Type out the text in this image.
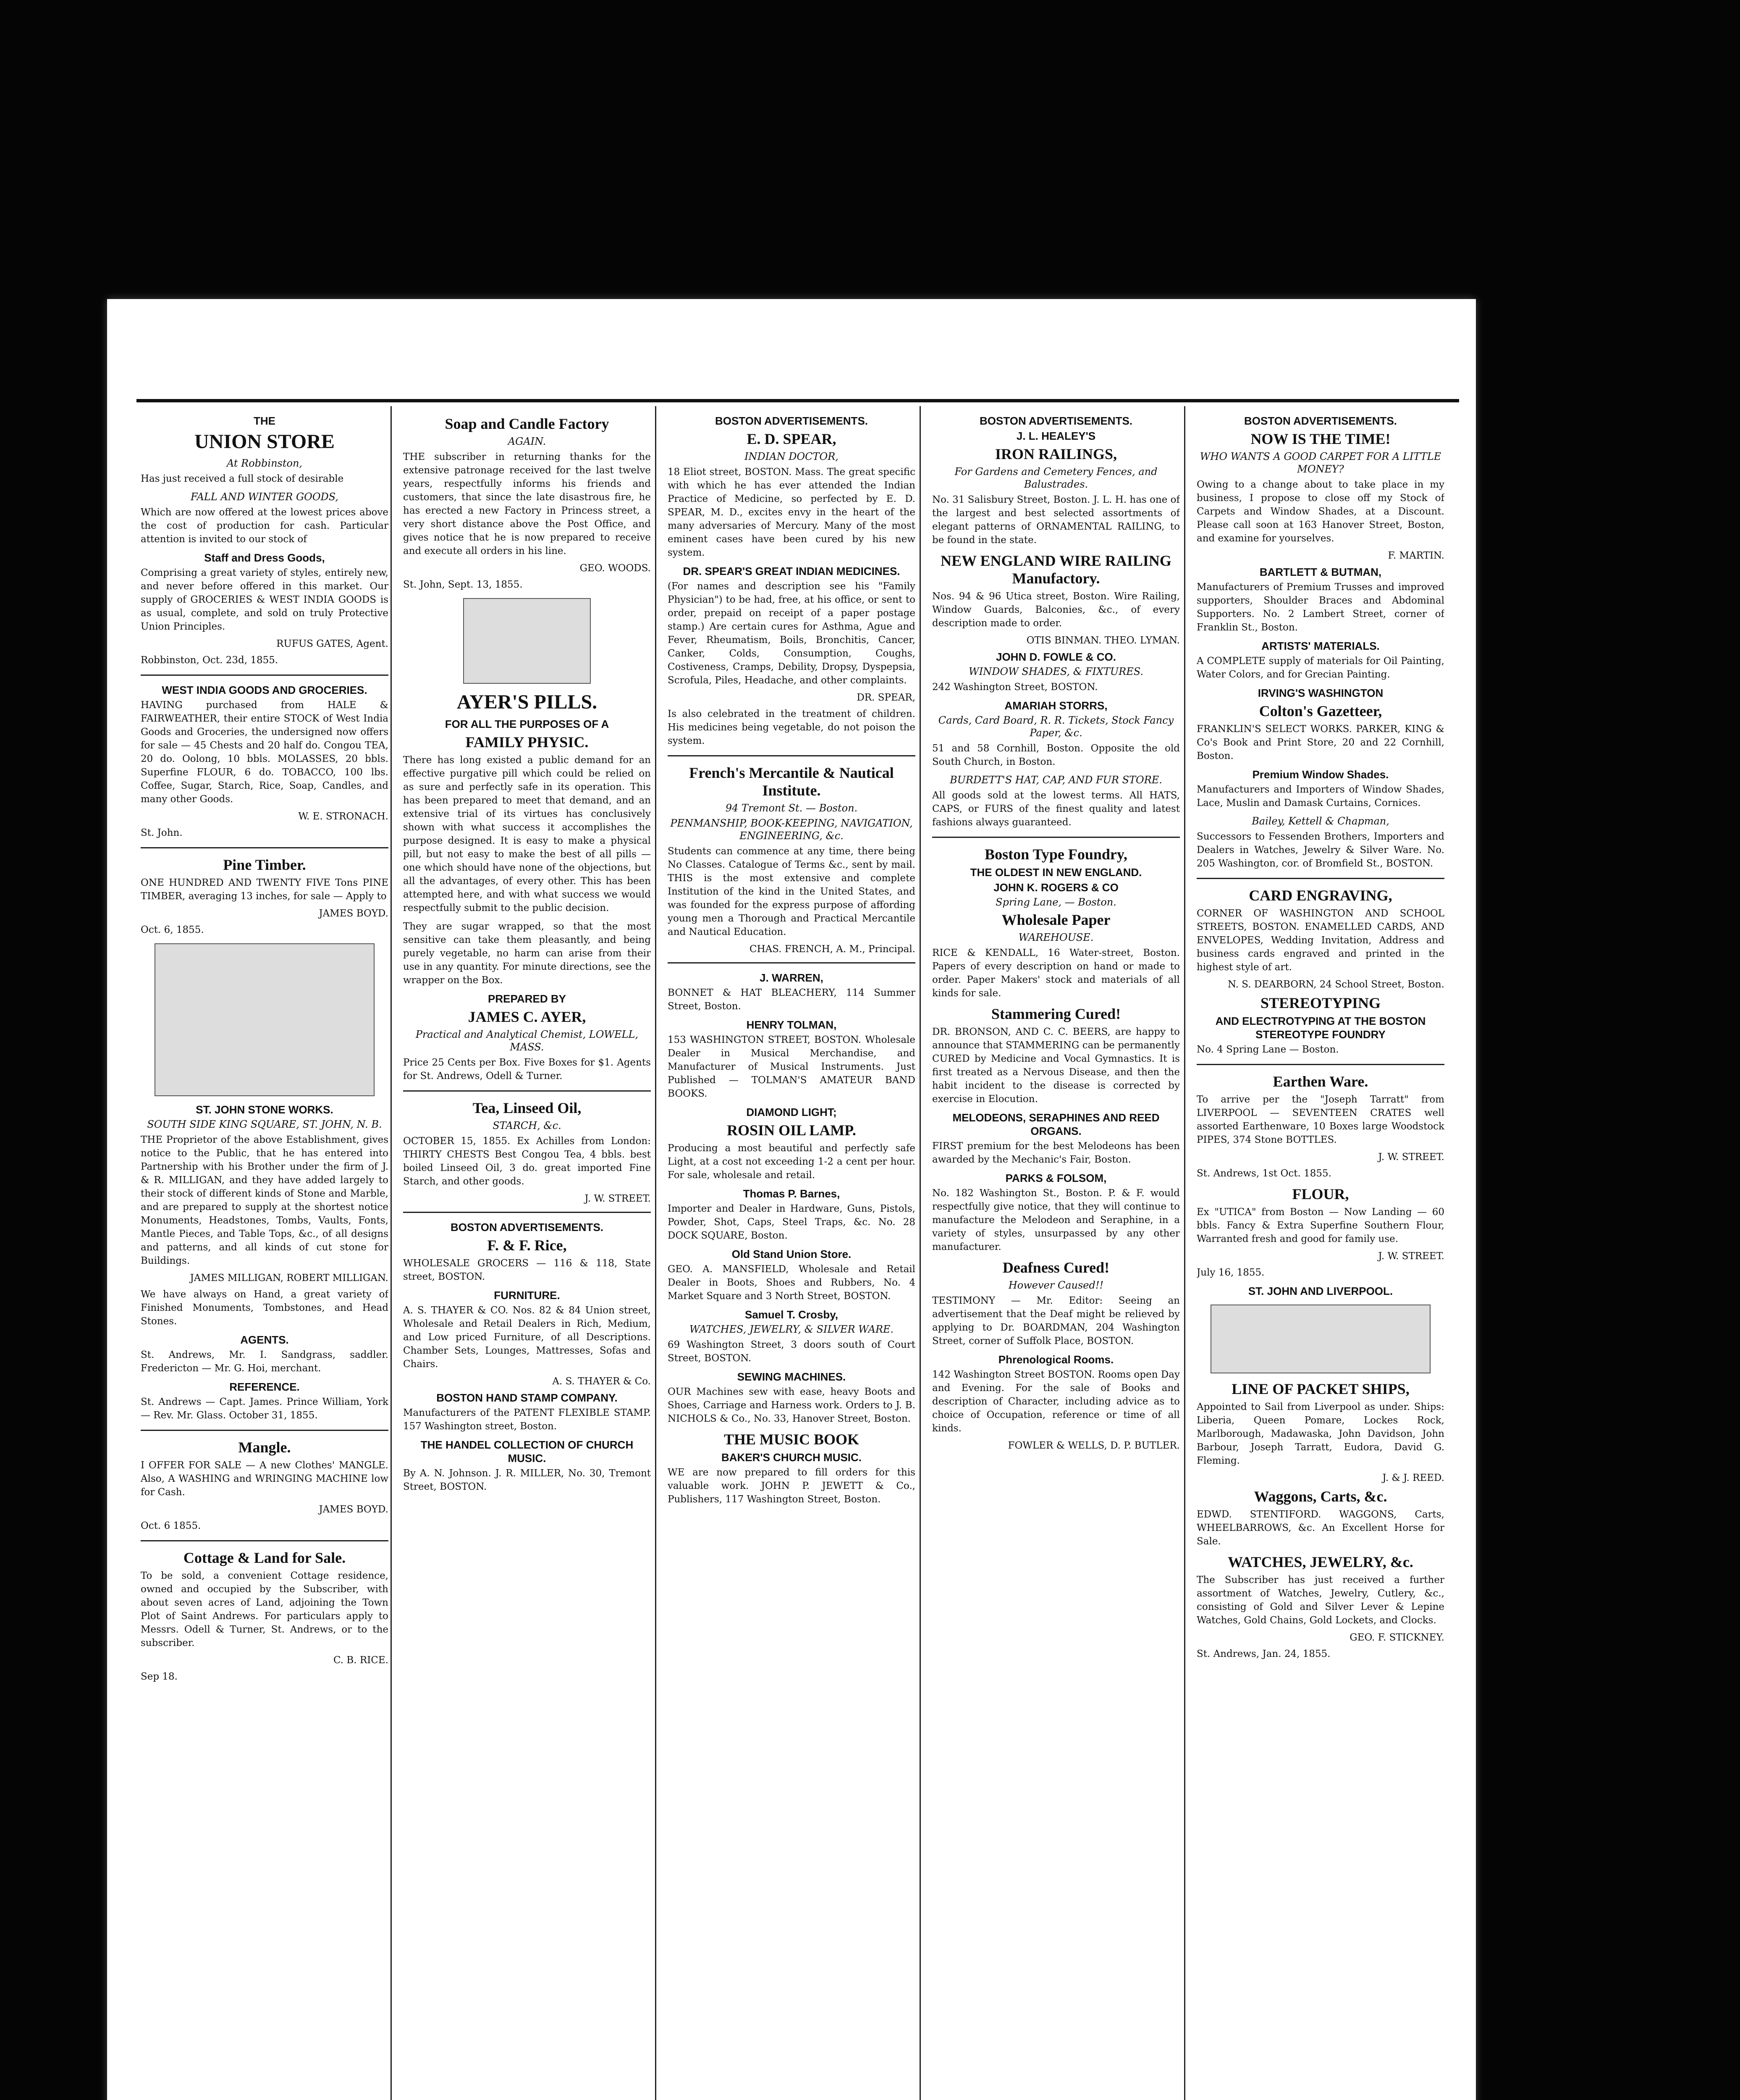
THE
UNION STORE
At Robbinston,

Has just received a full stock of desirable

FALL AND WINTER GOODS,

Which are now offered at the lowest prices above the cost of production for cash. Particular attention is invited to our stock of

Staff and Dress Goods,

Comprising a great variety of styles, entirely new, and never before offered in this market. Our supply of GROCERIES & WEST INDIA GOODS is as usual, complete, and sold on truly Protective Union Principles.

RUFUS GATES, Agent.

Robbinston, Oct. 23d, 1855.

WEST INDIA GOODS AND GROCERIES.

HAVING purchased from HALE & FAIRWEATHER, their entire STOCK of West India Goods and Groceries, the undersigned now offers for sale — 45 Chests and 20 half do. Congou TEA, 20 do. Oolong, 10 bbls. MOLASSES, 20 bbls. Superfine FLOUR, 6 do. TOBACCO, 100 lbs. Coffee, Sugar, Starch, Rice, Soap, Candles, and many other Goods.

W. E. STRONACH.

St. John.

Pine Timber.

ONE HUNDRED AND TWENTY FIVE Tons PINE TIMBER, averaging 13 inches, for sale — Apply to

JAMES BOYD.

Oct. 6, 1855.

ST. JOHN STONE WORKS.
SOUTH SIDE KING SQUARE, ST. JOHN, N. B.

THE Proprietor of the above Establishment, gives notice to the Public, that he has entered into Partnership with his Brother under the firm of J. & R. MILLIGAN, and they have added largely to their stock of different kinds of Stone and Marble, and are prepared to supply at the shortest notice Monuments, Headstones, Tombs, Vaults, Fonts, Mantle Pieces, and Table Tops, &c., of all designs and patterns, and all kinds of cut stone for Buildings.

JAMES MILLIGAN, ROBERT MILLIGAN.

We have always on Hand, a great variety of Finished Monuments, Tombstones, and Head Stones.

AGENTS.

St. Andrews, Mr. I. Sandgrass, saddler. Fredericton — Mr. G. Hoi, merchant.

REFERENCE.

St. Andrews — Capt. James. Prince William, York — Rev. Mr. Glass. October 31, 1855.

Mangle.

I OFFER FOR SALE — A new Clothes' MANGLE. Also, A WASHING and WRINGING MACHINE low for Cash.

JAMES BOYD.

Oct. 6 1855.

Cottage & Land for Sale.

To be sold, a convenient Cottage residence, owned and occupied by the Subscriber, with about seven acres of Land, adjoining the Town Plot of Saint Andrews. For particulars apply to Messrs. Odell & Turner, St. Andrews, or to the subscriber.

C. B. RICE.

Sep 18.

Soap and Candle Factory
AGAIN.

THE subscriber in returning thanks for the extensive patronage received for the last twelve years, respectfully informs his friends and customers, that since the late disastrous fire, he has erected a new Factory in Princess street, a very short distance above the Post Office, and gives notice that he is now prepared to receive and execute all orders in his line.

GEO. WOODS.

St. John, Sept. 13, 1855.

AYER'S PILLS.
FOR ALL THE PURPOSES OF A
FAMILY PHYSIC.

There has long existed a public demand for an effective purgative pill which could be relied on as sure and perfectly safe in its operation. This has been prepared to meet that demand, and an extensive trial of its virtues has conclusively shown with what success it accomplishes the purpose designed. It is easy to make a physical pill, but not easy to make the best of all pills — one which should have none of the objections, but all the advantages, of every other. This has been attempted here, and with what success we would respectfully submit to the public decision.

They are sugar wrapped, so that the most sensitive can take them pleasantly, and being purely vegetable, no harm can arise from their use in any quantity. For minute directions, see the wrapper on the Box.

PREPARED BY
JAMES C. AYER,
Practical and Analytical Chemist, LOWELL, MASS.

Price 25 Cents per Box. Five Boxes for $1. Agents for St. Andrews, Odell & Turner.

Tea, Linseed Oil,
STARCH, &c.

OCTOBER 15, 1855. Ex Achilles from London: THIRTY CHESTS Best Congou Tea, 4 bbls. best boiled Linseed Oil, 3 do. great imported Fine Starch, and other goods.

J. W. STREET.
BOSTON ADVERTISEMENTS.
F. & F. Rice,

WHOLESALE GROCERS — 116 & 118, State street, BOSTON.

FURNITURE.

A. S. THAYER & CO. Nos. 82 & 84 Union street, Wholesale and Retail Dealers in Rich, Medium, and Low priced Furniture, of all Descriptions. Chamber Sets, Lounges, Mattresses, Sofas and Chairs.

A. S. THAYER & Co.
BOSTON HAND STAMP COMPANY.

Manufacturers of the PATENT FLEXIBLE STAMP. 157 Washington street, Boston.

THE HANDEL COLLECTION OF CHURCH MUSIC.

By A. N. Johnson. J. R. MILLER, No. 30, Tremont Street, BOSTON.

BOSTON ADVERTISEMENTS.
E. D. SPEAR,
INDIAN DOCTOR,

18 Eliot street, BOSTON. Mass. The great specific with which he has ever attended the Indian Practice of Medicine, so perfected by E. D. SPEAR, M. D., excites envy in the heart of the many adversaries of Mercury. Many of the most eminent cases have been cured by his new system.

DR. SPEAR'S GREAT INDIAN MEDICINES.

(For names and description see his "Family Physician") to be had, free, at his office, or sent to order, prepaid on receipt of a paper postage stamp.) Are certain cures for Asthma, Ague and Fever, Rheumatism, Boils, Bronchitis, Cancer, Canker, Colds, Consumption, Coughs, Costiveness, Cramps, Debility, Dropsy, Dyspepsia, Scrofula, Piles, Headache, and other complaints.

DR. SPEAR,

Is also celebrated in the treatment of children. His medicines being vegetable, do not poison the system.

French's Mercantile & Nautical Institute.
94 Tremont St. — Boston.
PENMANSHIP, BOOK-KEEPING, NAVIGATION, ENGINEERING, &c.

Students can commence at any time, there being No Classes. Catalogue of Terms &c., sent by mail. THIS is the most extensive and complete Institution of the kind in the United States, and was founded for the express purpose of affording young men a Thorough and Practical Mercantile and Nautical Education.

CHAS. FRENCH, A. M., Principal.
J. WARREN,

BONNET & HAT BLEACHERY, 114 Summer Street, Boston.

HENRY TOLMAN,

153 WASHINGTON STREET, BOSTON. Wholesale Dealer in Musical Merchandise, and Manufacturer of Musical Instruments. Just Published — TOLMAN'S AMATEUR BAND BOOKS.

DIAMOND LIGHT;
ROSIN OIL LAMP.

Producing a most beautiful and perfectly safe Light, at a cost not exceeding 1-2 a cent per hour. For sale, wholesale and retail.

Thomas P. Barnes,

Importer and Dealer in Hardware, Guns, Pistols, Powder, Shot, Caps, Steel Traps, &c. No. 28 DOCK SQUARE, Boston.

Old Stand Union Store.

GEO. A. MANSFIELD, Wholesale and Retail Dealer in Boots, Shoes and Rubbers, No. 4 Market Square and 3 North Street, BOSTON.

Samuel T. Crosby,
WATCHES, JEWELRY, & SILVER WARE.

69 Washington Street, 3 doors south of Court Street, BOSTON.

SEWING MACHINES.

OUR Machines sew with ease, heavy Boots and Shoes, Carriage and Harness work. Orders to J. B. NICHOLS & Co., No. 33, Hanover Street, Boston.

THE MUSIC BOOK
BAKER'S CHURCH MUSIC.

WE are now prepared to fill orders for this valuable work. JOHN P. JEWETT & Co., Publishers, 117 Washington Street, Boston.

BOSTON ADVERTISEMENTS.
J. L. HEALEY'S
IRON RAILINGS,
For Gardens and Cemetery Fences, and Balustrades.

No. 31 Salisbury Street, Boston. J. L. H. has one of the largest and best selected assortments of elegant patterns of ORNAMENTAL RAILING, to be found in the state.

NEW ENGLAND WIRE RAILING Manufactory.

Nos. 94 & 96 Utica street, Boston. Wire Railing, Window Guards, Balconies, &c., of every description made to order.

OTIS BINMAN. THEO. LYMAN.
JOHN D. FOWLE & CO.
WINDOW SHADES, & FIXTURES.

242 Washington Street, BOSTON.

AMARIAH STORRS,
Cards, Card Board, R. R. Tickets, Stock Fancy Paper, &c.

51 and 58 Cornhill, Boston. Opposite the old South Church, in Boston.

BURDETT'S HAT, CAP, AND FUR STORE.

All goods sold at the lowest terms. All HATS, CAPS, or FURS of the finest quality and latest fashions always guaranteed.

Boston Type Foundry,
THE OLDEST IN NEW ENGLAND.
JOHN K. ROGERS & CO
Spring Lane, — Boston.
Wholesale Paper
WAREHOUSE.

RICE & KENDALL, 16 Water-street, Boston. Papers of every description on hand or made to order. Paper Makers' stock and materials of all kinds for sale.

Stammering Cured!

DR. BRONSON, AND C. C. BEERS, are happy to announce that STAMMERING can be permanently CURED by Medicine and Vocal Gymnastics. It is first treated as a Nervous Disease, and then the habit incident to the disease is corrected by exercise in Elocution.

MELODEONS, SERAPHINES AND REED ORGANS.

FIRST premium for the best Melodeons has been awarded by the Mechanic's Fair, Boston.

PARKS & FOLSOM,

No. 182 Washington St., Boston. P. & F. would respectfully give notice, that they will continue to manufacture the Melodeon and Seraphine, in a variety of styles, unsurpassed by any other manufacturer.

Deafness Cured!
However Caused!!

TESTIMONY — Mr. Editor: Seeing an advertisement that the Deaf might be relieved by applying to Dr. BOARDMAN, 204 Washington Street, corner of Suffolk Place, BOSTON.

Phrenological Rooms.

142 Washington Street BOSTON. Rooms open Day and Evening. For the sale of Books and description of Character, including advice as to choice of Occupation, reference or time of all kinds.

FOWLER & WELLS, D. P. BUTLER.
BOSTON ADVERTISEMENTS.
NOW IS THE TIME!
WHO WANTS A GOOD CARPET FOR A LITTLE MONEY?

Owing to a change about to take place in my business, I propose to close off my Stock of Carpets and Window Shades, at a Discount. Please call soon at 163 Hanover Street, Boston, and examine for yourselves.

F. MARTIN.
BARTLETT & BUTMAN,

Manufacturers of Premium Trusses and improved supporters, Shoulder Braces and Abdominal Supporters. No. 2 Lambert Street, corner of Franklin St., Boston.

ARTISTS' MATERIALS.

A COMPLETE supply of materials for Oil Painting, Water Colors, and for Grecian Painting.

IRVING'S WASHINGTON
Colton's Gazetteer,

FRANKLIN'S SELECT WORKS. PARKER, KING & Co's Book and Print Store, 20 and 22 Cornhill, Boston.

Premium Window Shades.

Manufacturers and Importers of Window Shades, Lace, Muslin and Damask Curtains, Cornices.

Bailey, Kettell & Chapman,

Successors to Fessenden Brothers, Importers and Dealers in Watches, Jewelry & Silver Ware. No. 205 Washington, cor. of Bromfield St., BOSTON.

CARD ENGRAVING,

CORNER OF WASHINGTON AND SCHOOL STREETS, BOSTON. ENAMELLED CARDS, AND ENVELOPES, Wedding Invitation, Address and business cards engraved and printed in the highest style of art.

N. S. DEARBORN, 24 School Street, Boston.
STEREOTYPING
AND ELECTROTYPING AT THE BOSTON STEREOTYPE FOUNDRY

No. 4 Spring Lane — Boston.

Earthen Ware.

To arrive per the "Joseph Tarratt" from LIVERPOOL — SEVENTEEN CRATES well assorted Earthenware, 10 Boxes large Woodstock PIPES, 374 Stone BOTTLES.

J. W. STREET.

St. Andrews, 1st Oct. 1855.

FLOUR,

Ex "UTICA" from Boston — Now Landing — 60 bbls. Fancy & Extra Superfine Southern Flour, Warranted fresh and good for family use.

J. W. STREET.

July 16, 1855.

ST. JOHN AND LIVERPOOL.
LINE OF PACKET SHIPS,

Appointed to Sail from Liverpool as under. Ships: Liberia, Queen Pomare, Lockes Rock, Marlborough, Madawaska, John Davidson, John Barbour, Joseph Tarratt, Eudora, David G. Fleming.

J. & J. REED.
Waggons, Carts, &c.

EDWD. STENTIFORD. WAGGONS, Carts, WHEELBARROWS, &c. An Excellent Horse for Sale.

WATCHES, JEWELRY, &c.

The Subscriber has just received a further assortment of Watches, Jewelry, Cutlery, &c., consisting of Gold and Silver Lever & Lepine Watches, Gold Chains, Gold Lockets, and Clocks.

GEO. F. STICKNEY.

St. Andrews, Jan. 24, 1855.
